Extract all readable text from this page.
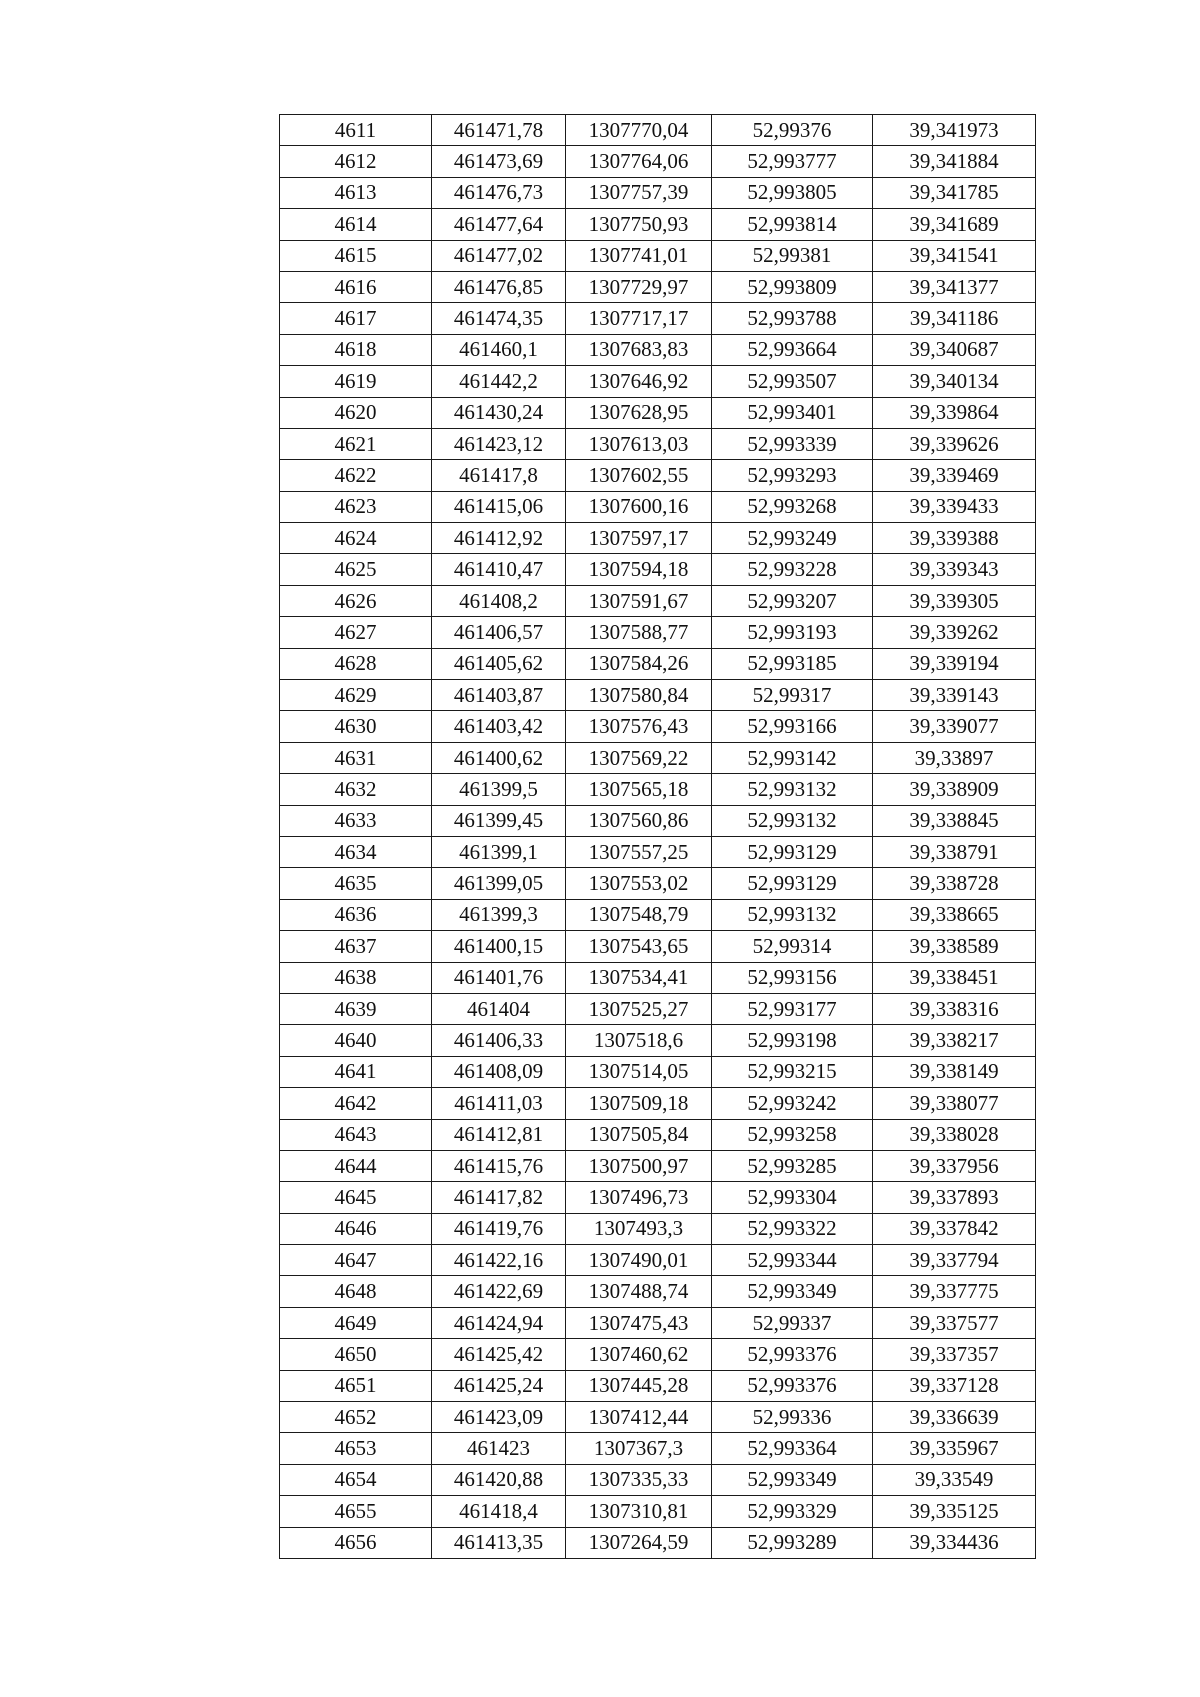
4611	461471,78	1307770,04	52,99376	39,341973
4612	461473,69	1307764,06	52,993777	39,341884
4613	461476,73	1307757,39	52,993805	39,341785
4614	461477,64	1307750,93	52,993814	39,341689
4615	461477,02	1307741,01	52,99381	39,341541
4616	461476,85	1307729,97	52,993809	39,341377
4617	461474,35	1307717,17	52,993788	39,341186
4618	461460,1	1307683,83	52,993664	39,340687
4619	461442,2	1307646,92	52,993507	39,340134
4620	461430,24	1307628,95	52,993401	39,339864
4621	461423,12	1307613,03	52,993339	39,339626
4622	461417,8	1307602,55	52,993293	39,339469
4623	461415,06	1307600,16	52,993268	39,339433
4624	461412,92	1307597,17	52,993249	39,339388
4625	461410,47	1307594,18	52,993228	39,339343
4626	461408,2	1307591,67	52,993207	39,339305
4627	461406,57	1307588,77	52,993193	39,339262
4628	461405,62	1307584,26	52,993185	39,339194
4629	461403,87	1307580,84	52,99317	39,339143
4630	461403,42	1307576,43	52,993166	39,339077
4631	461400,62	1307569,22	52,993142	39,33897
4632	461399,5	1307565,18	52,993132	39,338909
4633	461399,45	1307560,86	52,993132	39,338845
4634	461399,1	1307557,25	52,993129	39,338791
4635	461399,05	1307553,02	52,993129	39,338728
4636	461399,3	1307548,79	52,993132	39,338665
4637	461400,15	1307543,65	52,99314	39,338589
4638	461401,76	1307534,41	52,993156	39,338451
4639	461404	1307525,27	52,993177	39,338316
4640	461406,33	1307518,6	52,993198	39,338217
4641	461408,09	1307514,05	52,993215	39,338149
4642	461411,03	1307509,18	52,993242	39,338077
4643	461412,81	1307505,84	52,993258	39,338028
4644	461415,76	1307500,97	52,993285	39,337956
4645	461417,82	1307496,73	52,993304	39,337893
4646	461419,76	1307493,3	52,993322	39,337842
4647	461422,16	1307490,01	52,993344	39,337794
4648	461422,69	1307488,74	52,993349	39,337775
4649	461424,94	1307475,43	52,99337	39,337577
4650	461425,42	1307460,62	52,993376	39,337357
4651	461425,24	1307445,28	52,993376	39,337128
4652	461423,09	1307412,44	52,99336	39,336639
4653	461423	1307367,3	52,993364	39,335967
4654	461420,88	1307335,33	52,993349	39,33549
4655	461418,4	1307310,81	52,993329	39,335125
4656	461413,35	1307264,59	52,993289	39,334436
